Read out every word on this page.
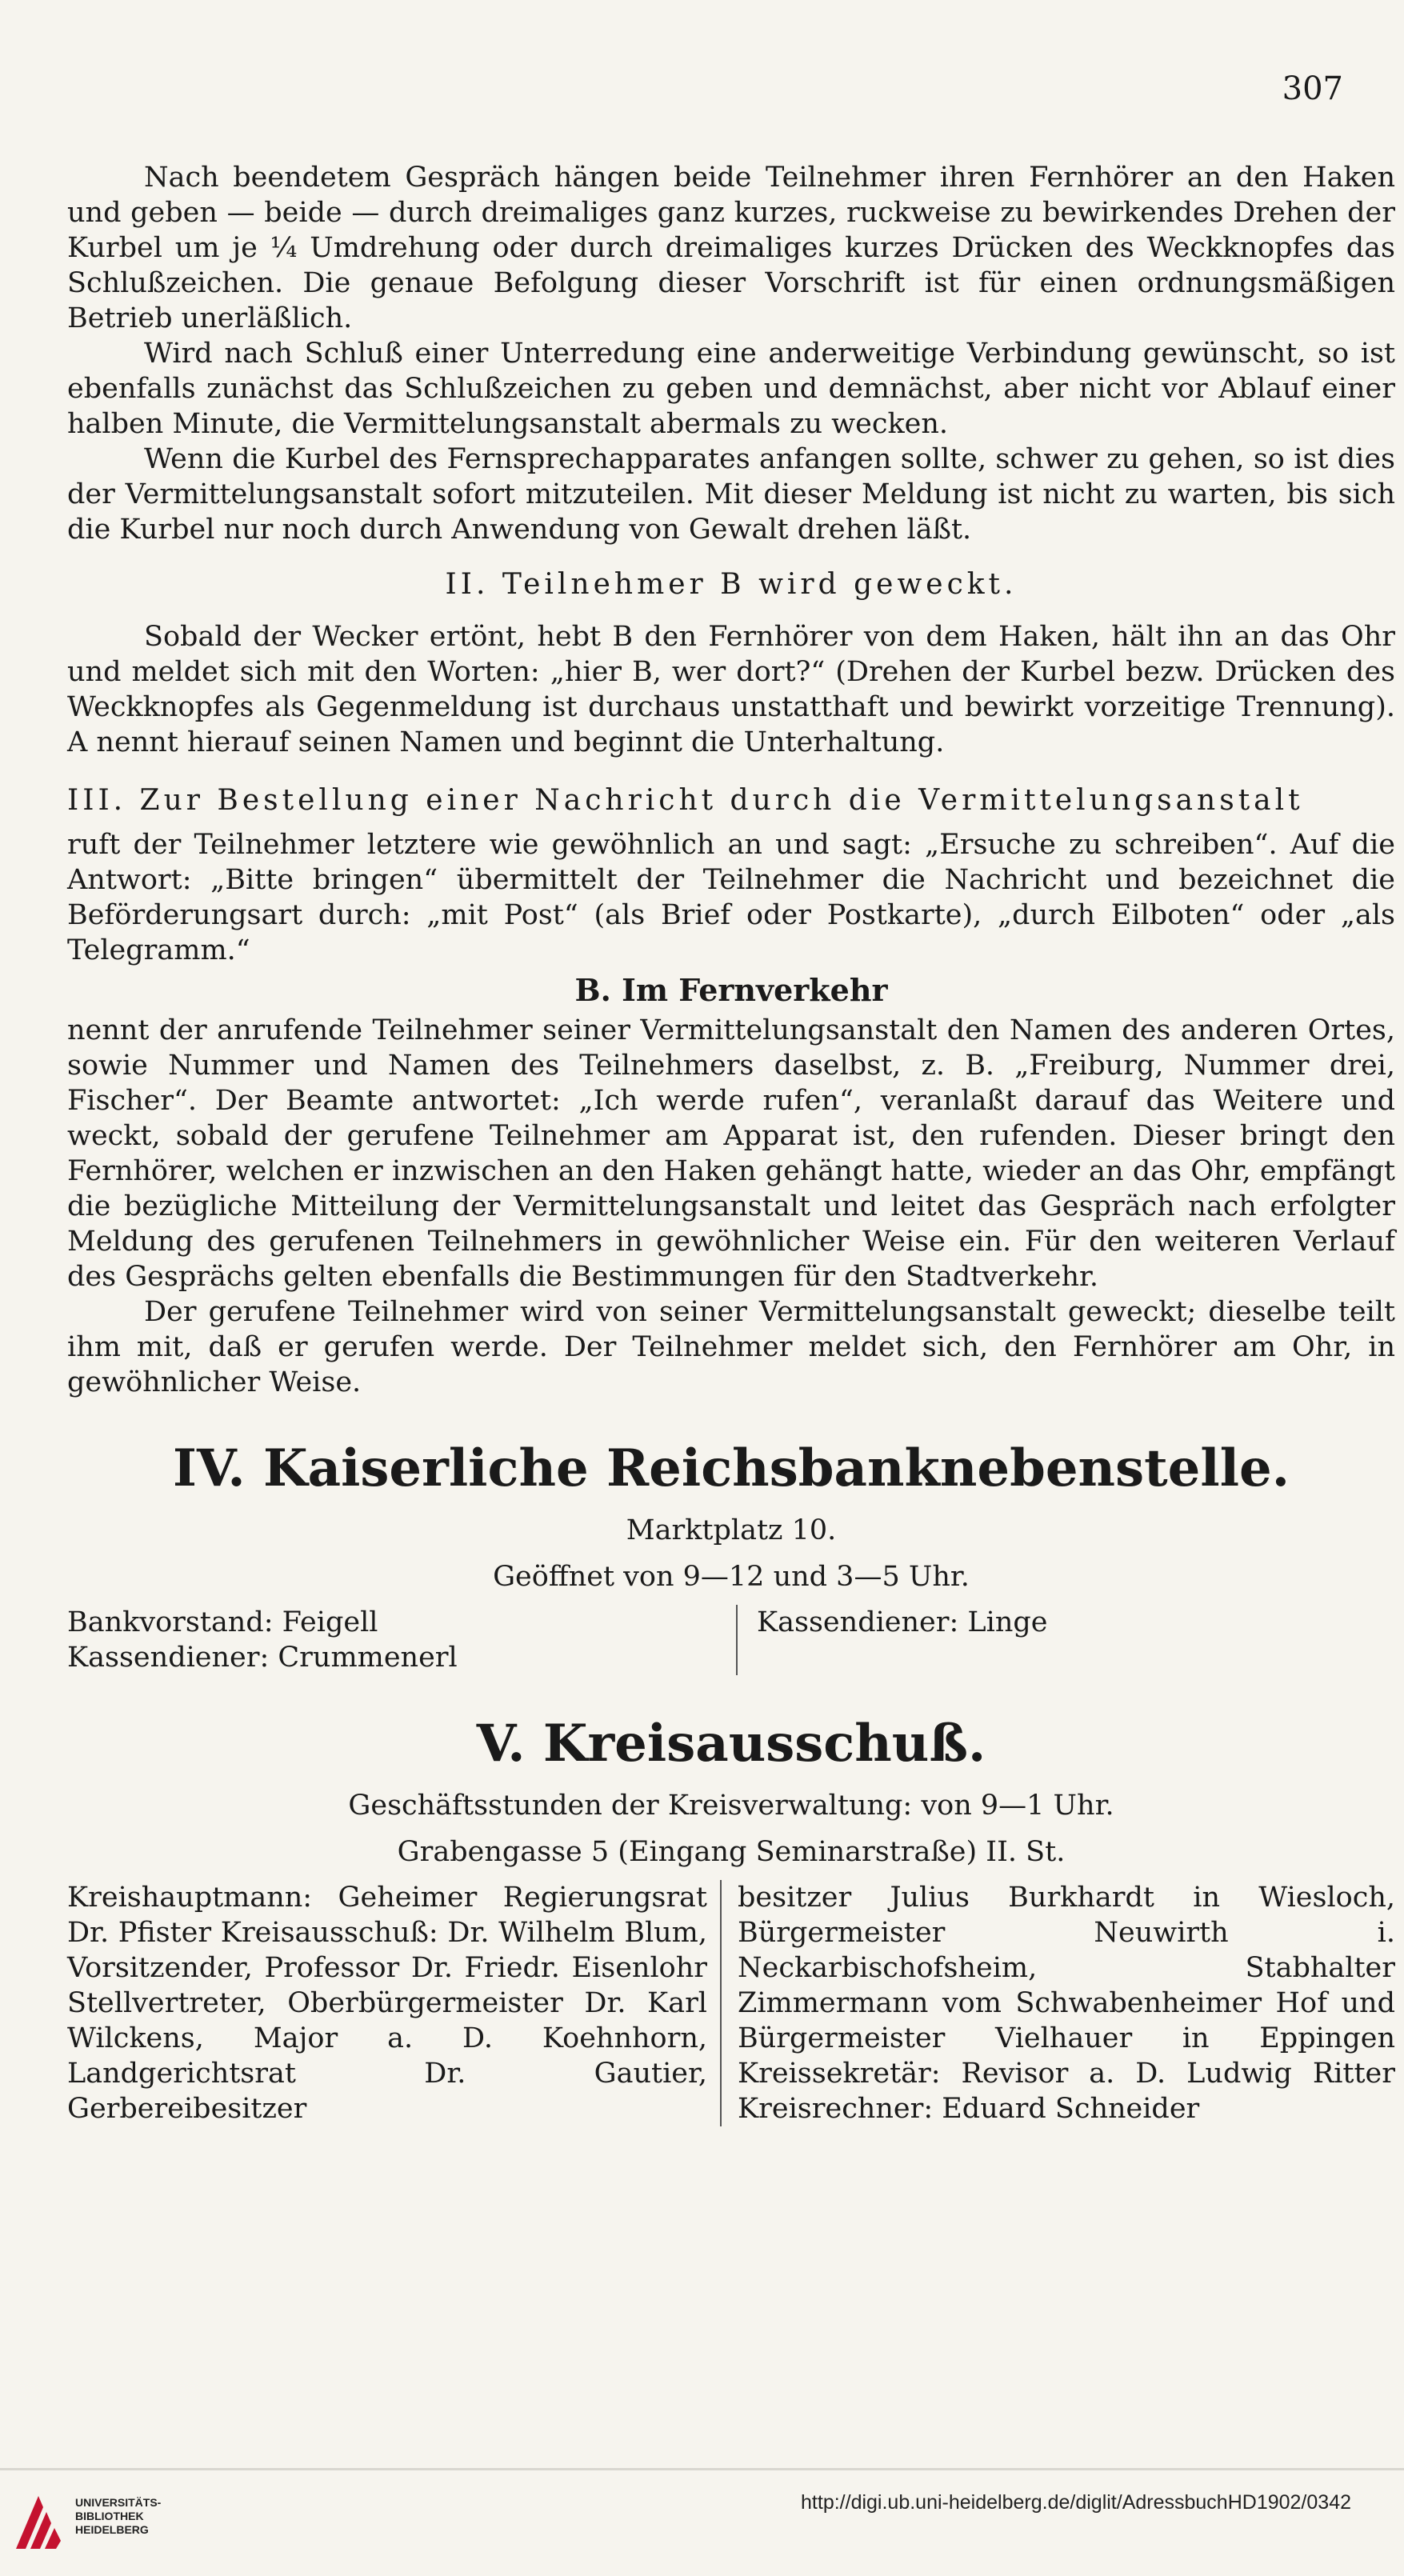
307

Nach beendetem Gespräch hängen beide Teilnehmer ihren Fernhörer an den Haken und geben — beide — durch dreimaliges ganz kurzes, ruckweise zu bewirkendes Drehen der Kurbel um je ¼ Umdrehung oder durch dreimaliges kurzes Drücken des Weckknopfes das Schlußzeichen. Die genaue Befolgung dieser Vorschrift ist für einen ordnungsmäßigen Betrieb unerläßlich.

Wird nach Schluß einer Unterredung eine anderweitige Verbindung gewünscht, so ist ebenfalls zunächst das Schlußzeichen zu geben und demnächst, aber nicht vor Ablauf einer halben Minute, die Vermittelungsanstalt abermals zu wecken.

Wenn die Kurbel des Fernsprechapparates anfangen sollte, schwer zu gehen, so ist dies der Vermittelungsanstalt sofort mitzuteilen. Mit dieser Meldung ist nicht zu warten, bis sich die Kurbel nur noch durch Anwendung von Gewalt drehen läßt.

II. Teilnehmer B wird geweckt.

Sobald der Wecker ertönt, hebt B den Fernhörer von dem Haken, hält ihn an das Ohr und meldet sich mit den Worten: „hier B, wer dort?“ (Drehen der Kurbel bezw. Drücken des Weckknopfes als Gegenmeldung ist durchaus unstatthaft und bewirkt vorzeitige Trennung). A nennt hierauf seinen Namen und beginnt die Unterhaltung.

III. Zur Bestellung einer Nachricht durch die Vermittelungsanstalt

ruft der Teilnehmer letztere wie gewöhnlich an und sagt: „Ersuche zu schreiben“. Auf die Antwort: „Bitte bringen“ übermittelt der Teilnehmer die Nachricht und bezeichnet die Beförderungsart durch: „mit Post“ (als Brief oder Postkarte), „durch Eilboten“ oder „als Telegramm.“

B. Im Fernverkehr

nennt der anrufende Teilnehmer seiner Vermittelungsanstalt den Namen des anderen Ortes, sowie Nummer und Namen des Teilnehmers daselbst, z. B. „Freiburg, Nummer drei, Fischer“. Der Beamte antwortet: „Ich werde rufen“, veranlaßt darauf das Weitere und weckt, sobald der gerufene Teilnehmer am Apparat ist, den rufenden. Dieser bringt den Fernhörer, welchen er inzwischen an den Haken gehängt hatte, wieder an das Ohr, empfängt die bezügliche Mitteilung der Vermittelungsanstalt und leitet das Gespräch nach erfolgter Meldung des gerufenen Teilnehmers in gewöhnlicher Weise ein. Für den weiteren Verlauf des Gesprächs gelten ebenfalls die Bestimmungen für den Stadtverkehr.

Der gerufene Teilnehmer wird von seiner Vermittelungsanstalt geweckt; dieselbe teilt ihm mit, daß er gerufen werde. Der Teilnehmer meldet sich, den Fernhörer am Ohr, in gewöhnlicher Weise.

IV. Kaiserliche Reichsbanknebenstelle.
Marktplatz 10.
Geöffnet von 9—12 und 3—5 Uhr.
Bankvorstand: Feigell
Kassendiener: Crummenerl
Kassendiener: Linge
V. Kreisausschuß.
Geschäftsstunden der Kreisverwaltung: von 9—1 Uhr.
Grabengasse 5 (Eingang Seminarstraße) II. St.
Kreishauptmann: Geheimer Regierungsrat Dr. Pfister Kreisausschuß: Dr. Wilhelm Blum, Vorsitzender, Professor Dr. Friedr. Eisenlohr Stellvertreter, Oberbürgermeister Dr. Karl Wilckens, Major a. D. Koehnhorn, Landgerichtsrat Dr. Gautier, Gerbereibesitzer
besitzer Julius Burkhardt in Wiesloch, Bürgermeister Neuwirth i. Neckarbischofsheim, Stabhalter Zimmermann vom Schwabenheimer Hof und Bürgermeister Vielhauer in Eppingen Kreissekretär: Revisor a. D. Ludwig Ritter Kreisrechner: Eduard Schneider
UNIVERSITÄTS-
BIBLIOTHEK
HEIDELBERG
http://digi.ub.uni-heidelberg.de/diglit/AdressbuchHD1902/0342
